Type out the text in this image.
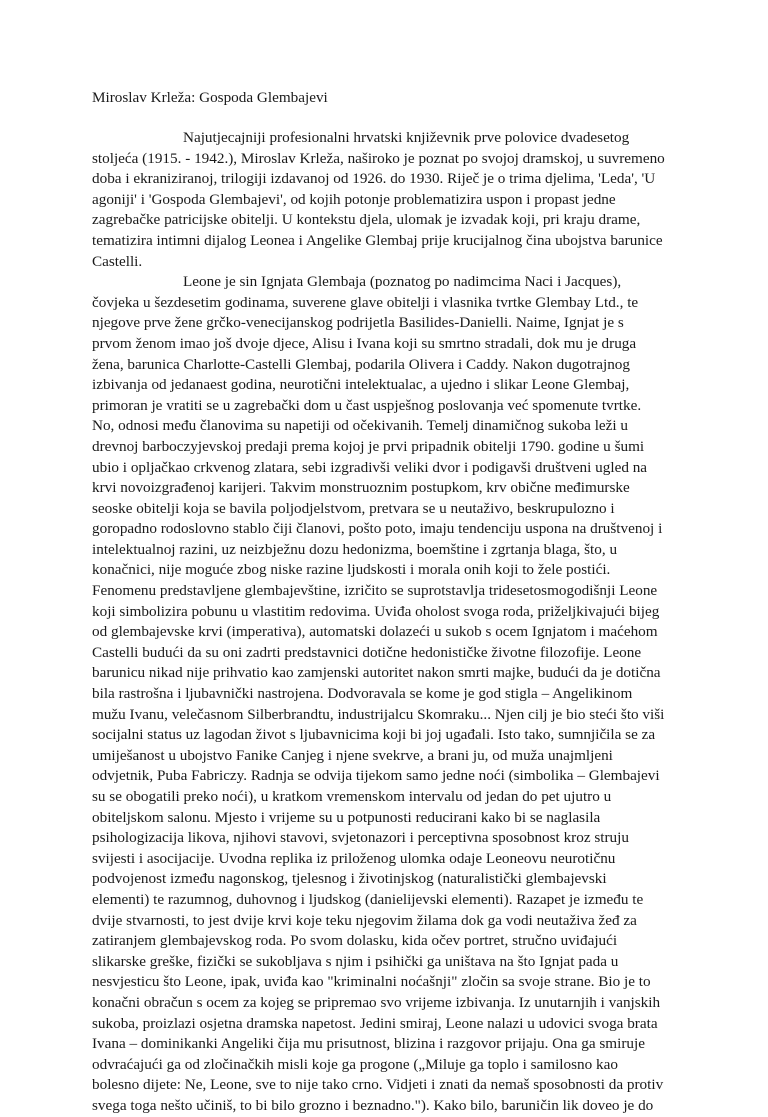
Miroslav Krleža: Gospoda Glembajevi
Najutjecajniji profesionalni hrvatski književnik prve polovice dvadesetog
stoljeća (1915. - 1942.), Miroslav Krleža, naširoko je poznat po svojoj dramskoj, u suvremeno
doba i ekraniziranoj, trilogiji izdavanoj od 1926. do 1930. Riječ je o trima djelima, 'Leda', 'U
agoniji' i 'Gospoda Glembajevi', od kojih potonje problematizira uspon i propast jedne
zagrebačke patricijske obitelji. U kontekstu djela, ulomak je izvadak koji, pri kraju drame,
tematizira intimni dijalog Leonea i Angelike Glembaj prije krucijalnog čina ubojstva barunice
Castelli.
Leone je sin Ignjata Glembaja (poznatog po nadimcima Naci i Jacques),
čovjeka u šezdesetim godinama, suverene glave obitelji i vlasnika tvrtke Glembay Ltd., te
njegove prve žene grčko-venecijanskog podrijetla Basilides-Danielli. Naime, Ignjat je s
prvom ženom imao još dvoje djece, Alisu i Ivana koji su smrtno stradali, dok mu je druga
žena, barunica Charlotte-Castelli Glembaj, podarila Olivera i Caddy. Nakon dugotrajnog
izbivanja od jedanaest godina, neurotični intelektualac, a ujedno i slikar Leone Glembaj,
primoran je vratiti se u zagrebački dom u čast uspješnog poslovanja već spomenute tvrtke.
No, odnosi među članovima su napetiji od očekivanih. Temelj dinamičnog sukoba leži u
drevnoj barboczyjevskoj predaji prema kojoj je prvi pripadnik obitelji 1790. godine u šumi
ubio i opljačkao crkvenog zlatara, sebi izgradivši veliki dvor i podigavši društveni ugled na
krvi novoizgrađenoj karijeri. Takvim monstruoznim postupkom, krv obične međimurske
seoske obitelji koja se bavila poljodjelstvom, pretvara se u neutaživo, beskrupulozno i
goropadno rodoslovno stablo čiji članovi, pošto poto, imaju tendenciju uspona na društvenoj i
intelektualnoj razini, uz neizbježnu dozu hedonizma, boemštine i zgrtanja blaga, što, u
konačnici, nije moguće zbog niske razine ljudskosti i morala onih koji to žele postići.
Fenomenu predstavljene glembajevštine, izričito se suprotstavlja tridesetosmogodišnji Leone
koji simbolizira pobunu u vlastitim redovima. Uviđa oholost svoga roda, priželjkivajući bijeg
od glembajevske krvi (imperativa), automatski dolazeći u sukob s ocem Ignjatom i maćehom
Castelli budući da su oni zadrti predstavnici dotične hedonističke životne filozofije. Leone
barunicu nikad nije prihvatio kao zamjenski autoritet nakon smrti majke, budući da je dotična
bila rastrošna i ljubavnički nastrojena. Dodvoravala se kome je god stigla – Angelikinom
mužu Ivanu, velečasnom Silberbrandtu, industrijalcu Skomraku... Njen cilj je bio steći što viši
socijalni status uz lagodan život s ljubavnicima koji bi joj ugađali. Isto tako, sumnjičila se za
umiješanost u ubojstvo Fanike Canjeg i njene svekrve, a brani ju, od muža unajmljeni
odvjetnik, Puba Fabriczy. Radnja se odvija tijekom samo jedne noći (simbolika – Glembajevi
su se obogatili preko noći), u kratkom vremenskom intervalu od jedan do pet ujutro u
obiteljskom salonu. Mjesto i vrijeme su u potpunosti reducirani kako bi se naglasila
psihologizacija likova, njihovi stavovi, svjetonazori i perceptivna sposobnost kroz struju
svijesti i asocijacije. Uvodna replika iz priloženog ulomka odaje Leoneovu neurotičnu
podvojenost između nagonskog, tjelesnog i životinjskog (naturalistički glembajevski
elementi) te razumnog, duhovnog i ljudskog (danielijevski elementi). Razapet je između te
dvije stvarnosti, to jest dvije krvi koje teku njegovim žilama dok ga vodi neutaživa žeđ za
zatiranjem glembajevskog roda. Po svom dolasku, kida očev portret, stručno uviđajući
slikarske greške, fizički se sukobljava s njim i psihički ga uništava na što Ignjat pada u
nesvjesticu što Leone, ipak, uviđa kao "kriminalni noćašnji" zločin sa svoje strane. Bio je to
konačni obračun s ocem za kojeg se pripremao svo vrijeme izbivanja. Iz unutarnjih i vanjskih
sukoba, proizlazi osjetna dramska napetost. Jedini smiraj, Leone nalazi u udovici svoga brata
Ivana – dominikanki Angeliki čija mu prisutnost, blizina i razgovor prijaju. Ona ga smiruje
odvraćajući ga od zločinačkih misli koje ga progone („Miluje ga toplo i samilosno kao
bolesno dijete: Ne, Leone, sve to nije tako crno. Vidjeti i znati da nemaš sposobnosti da protiv
svega toga nešto učiniš, to bi bilo grozno i beznadno."). Kako bilo, baruničin lik doveo je do
